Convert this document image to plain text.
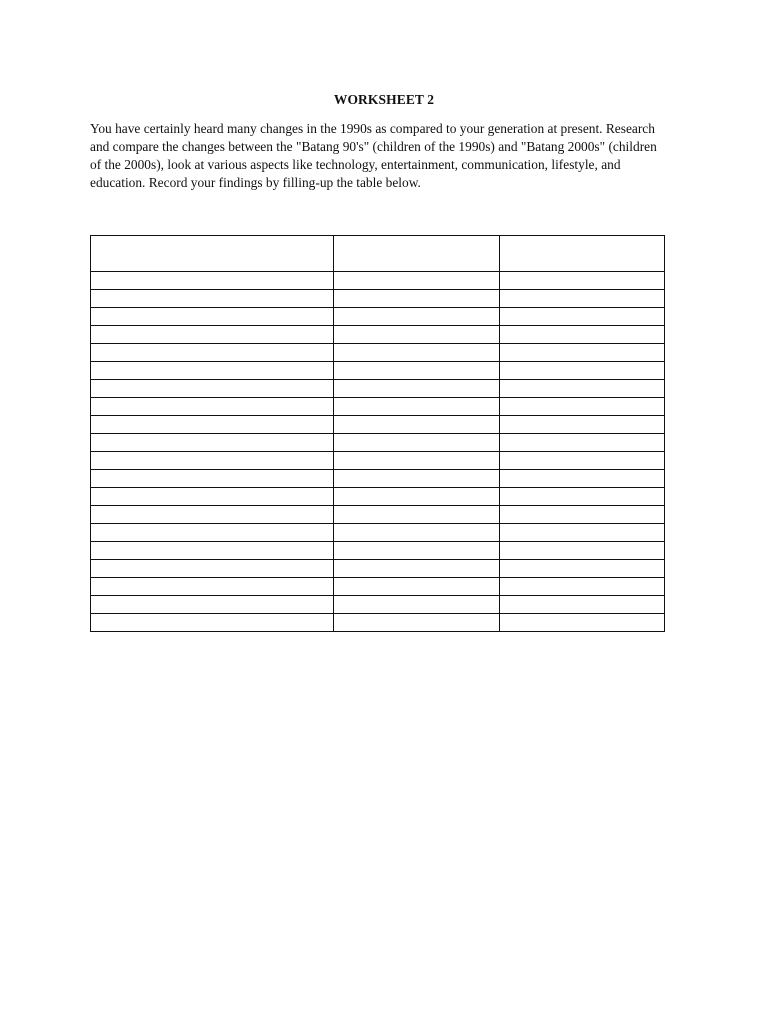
WORKSHEET 2
You have certainly heard many changes in the 1990s as compared to your generation at present. Research
and compare the changes between the "Batang 90's" (children of the 1990s) and "Batang 2000s" (children
of the 2000s), look at various aspects like technology, entertainment, communication, lifestyle, and
education. Record your findings by filling-up the table below.
